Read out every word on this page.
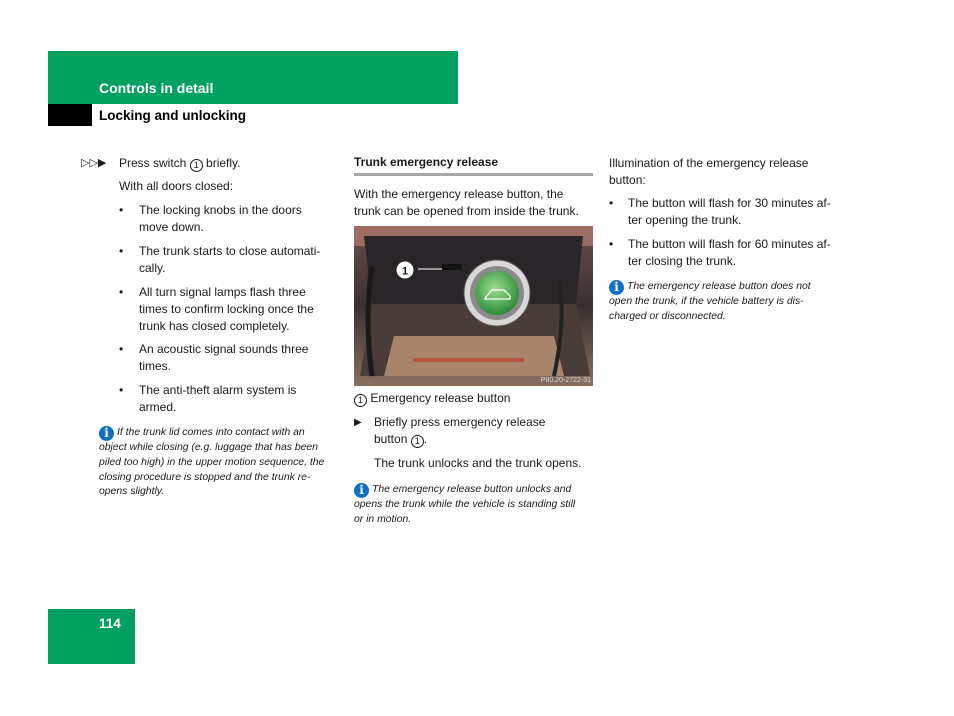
Controls in detail
Locking and unlocking
▷▷▶ Press switch 1 briefly.
With all doors closed:
• The locking knobs in the doors
move down.
• The trunk starts to close automati-
cally.
• All turn signal lamps flash three
times to confirm locking once the
trunk has closed completely.
• An acoustic signal sounds three
times.
• The anti-theft alarm system is
armed.
i If the trunk lid comes into contact with an
object while closing (e.g. luggage that has been
piled too high) in the upper motion sequence, the
closing procedure is stopped and the trunk re-
opens slightly.
Trunk emergency release
With the emergency release button, the
trunk can be opened from inside the trunk.
1
P80.20-2722-31
1 Emergency release button
▶ Briefly press emergency release
button 1 .
The trunk unlocks and the trunk opens.
i The emergency release button unlocks and
opens the trunk while the vehicle is standing still
or in motion.
Illumination of the emergency release
button:
• The button will flash for 30 minutes af-
ter opening the trunk.
• The button will flash for 60 minutes af-
ter closing the trunk.
i The emergency release button does not
open the trunk, if the vehicle battery is dis-
charged or disconnected.
114
